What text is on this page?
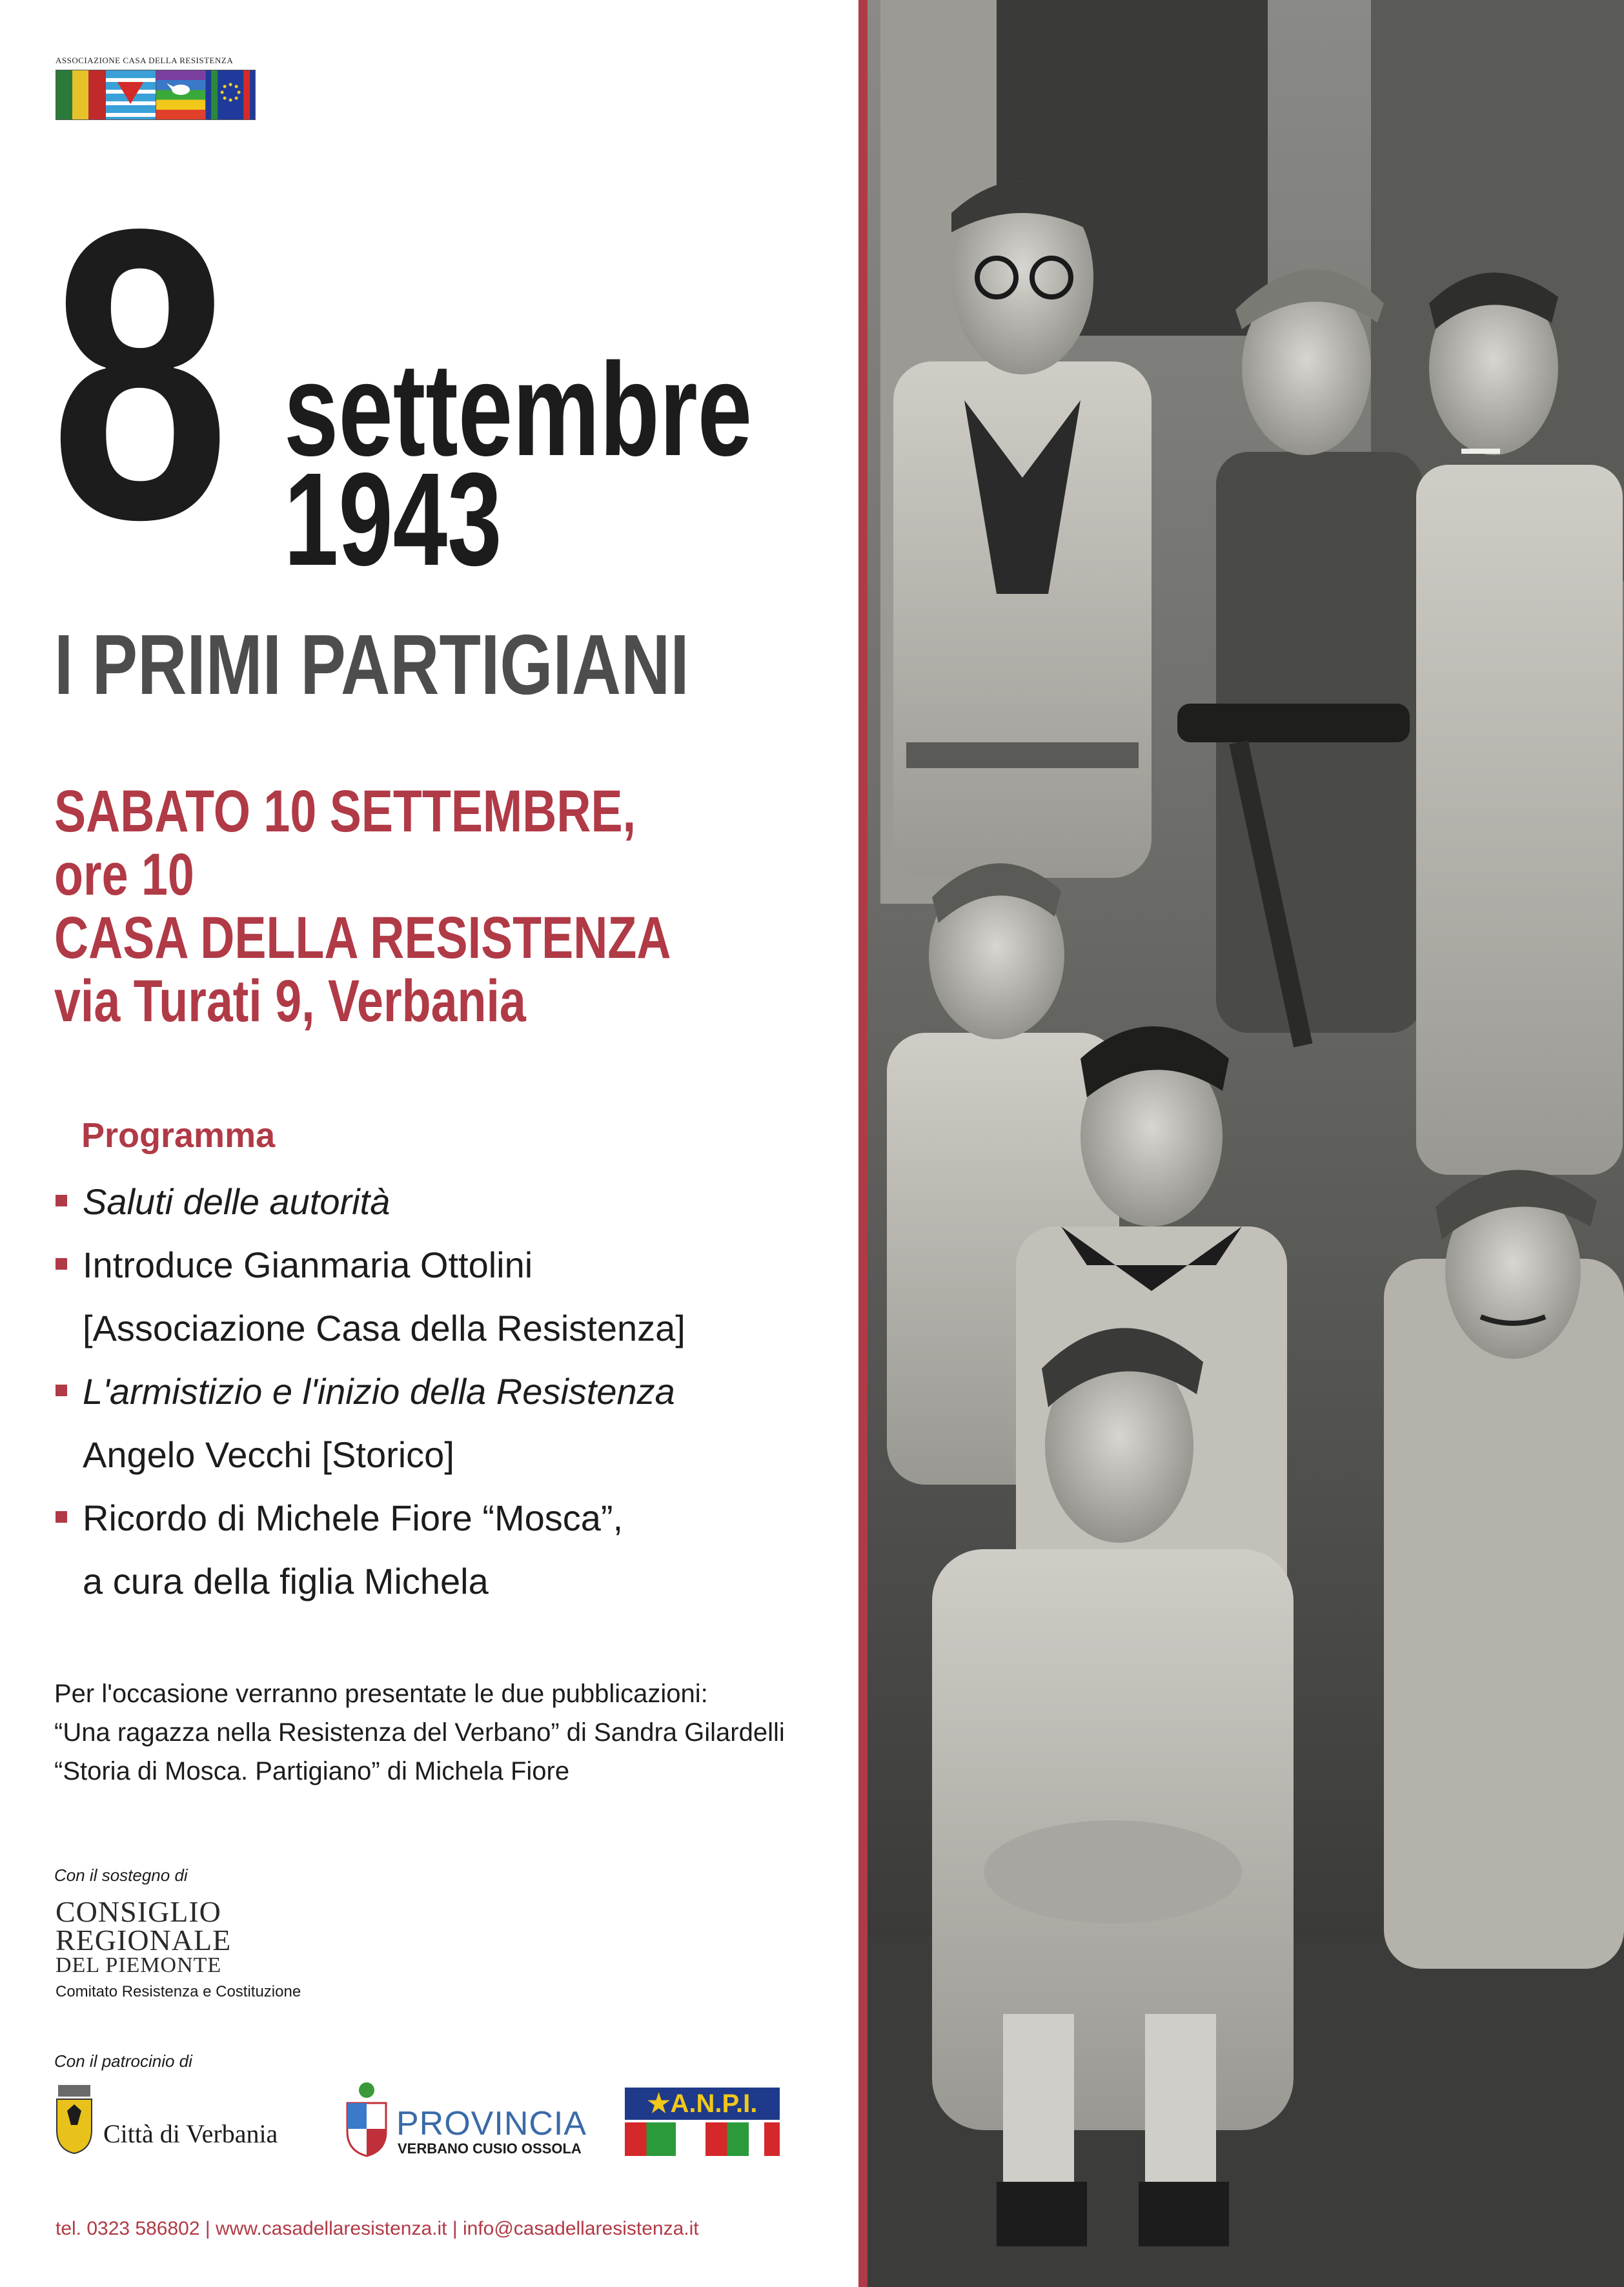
ASSOCIAZIONE CASA DELLA RESISTENZA
8 settembre
1943
I PRIMI PARTIGIANI
SABATO 10 SETTEMBRE,
ore 10
CASA DELLA RESISTENZA
via Turati 9, Verbania
Programma
Saluti delle autorità
Introduce Gianmaria Ottolini
[Associazione Casa della Resistenza]
L'armistizio e l'inizio della Resistenza
Angelo Vecchi [Storico]
Ricordo di Michele Fiore “Mosca”,
a cura della figlia Michela
Per l'occasione verranno presentate le due pubblicazioni:
“Una ragazza nella Resistenza del Verbano” di Sandra Gilardelli
“Storia di Mosca. Partigiano” di Michela Fiore
Con il sostegno di
CONSIGLIO
REGIONALE
DEL PIEMONTE
Comitato Resistenza e Costituzione
Con il patrocinio di
Città di Verbania	PROVINCIA
VERBANO CUSIO OSSOLA
★A.N.P.I.
tel. 0323 586802 | www.casadellaresistenza.it | info@casadellaresistenza.it
